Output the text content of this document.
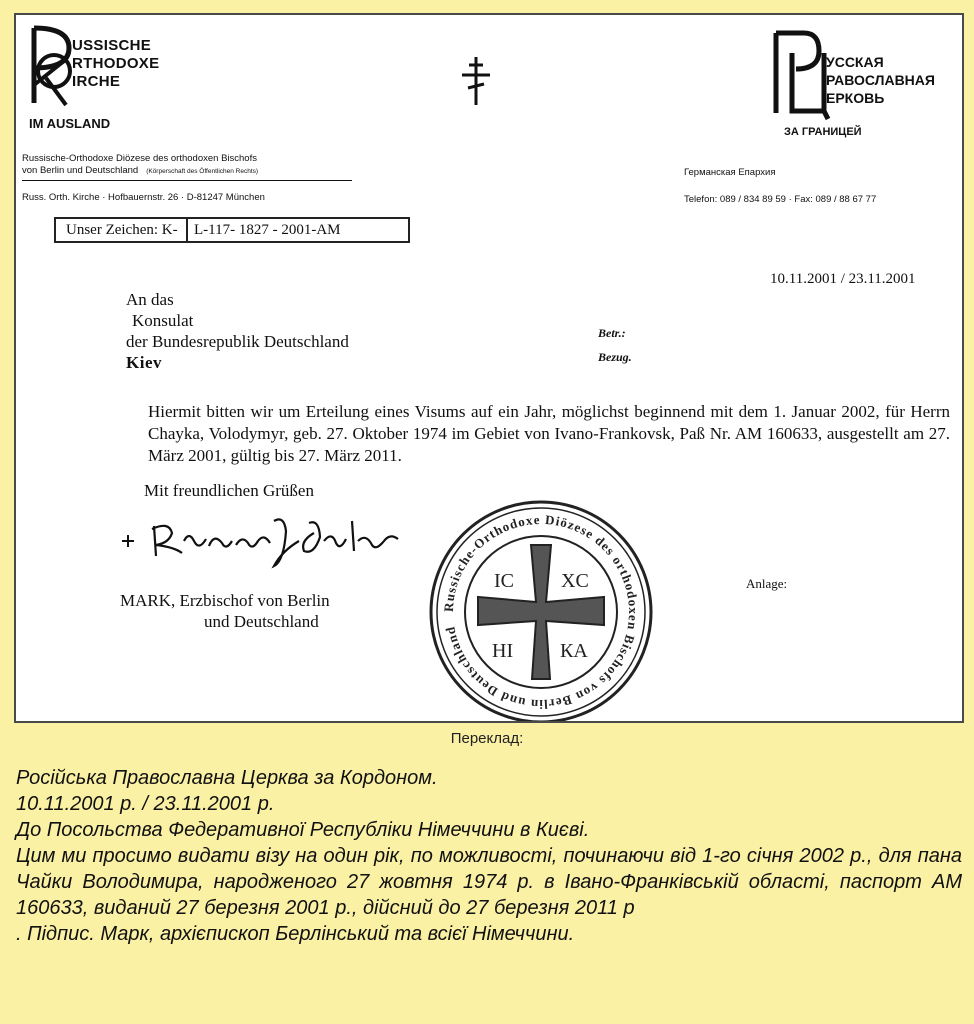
USSISCHE
RTHODOXE
IRCHE
IM AUSLAND
УССКАЯ
РАВОСЛАВНАЯ
ЕРКОВЬ
ЗА ГРАНИЦЕЙ
Russische-Orthodoxe Diözese des orthodoxen Bischofs
von Berlin und Deutschland (Körperschaft des Öffentlichen Rechts)
Russ. Orth. Kirche · Hofbauernstr. 26 · D-81247 München
Германская Епархия
Telefon: 089 / 834 89 59 · Fax: 089 / 88 67 77
Unser Zeichen: K-	L-117- 1827 - 2001-AM
10.11.2001 / 23.11.2001
An das
Konsulat
der Bundesrepublik Deutschland
Kiev
Betr.:
Bezug.
Hiermit bitten wir um Erteilung eines Visums auf ein Jahr, möglichst beginnend mit dem 1. Januar 2002, für Herrn Chayka, Volodymyr, geb. 27. Oktober 1974 im Gebiet von Ivano-Frankovsk, Paß Nr. AM 160633, ausgestellt am 27. März 2001, gültig bis 27. März 2011.
Mit freundlichen Grüßen
MARK, Erzbischof von Berlin
und Deutschland
Anlage:
Russische-Orthodoxe Diözese des orthodoxen Bischofs von Berlin und Deutschland
IC XC
НІ КА
Переклад:

Російська Православна Церква за Кордоном.

10.11.2001 р. / 23.11.2001 р.

До Посольства Федеративної Республіки Німеччини в Києві.

Цим ми просимо видати візу на один рік, по можливості, починаючи від 1-го січня 2002 р., для пана Чайки Володимира, народженого 27 жовтня 1974 р. в Івано-Франківській області, паспорт АМ 160633, виданий 27 березня 2001 р., дійсний до 27 березня 2011 р

. Підпис. Марк, архієпископ Берлінський та всієї Німеччини.
